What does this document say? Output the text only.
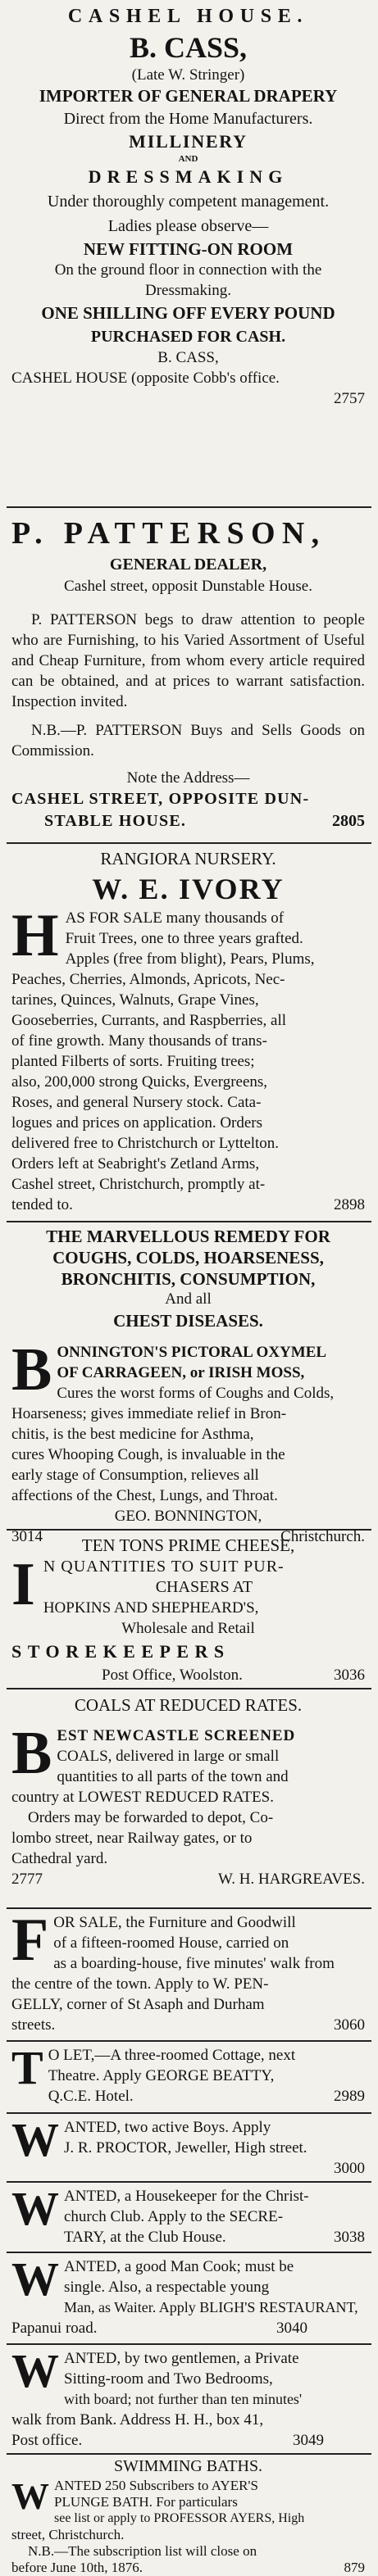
CASHEL HOUSE.
B. CASS,
(Late W. Stringer)
IMPORTER OF GENERAL DRAPERY
Direct from the Home Manufacturers.
MILLINERY
AND
DRESSMAKING
Under thoroughly competent management.
Ladies please observe—
NEW FITTING-ON ROOM
On the ground floor in connection with the
Dressmaking.
ONE SHILLING OFF EVERY POUND
PURCHASED FOR CASH.
B. CASS,
CASHEL HOUSE (opposite Cobb's office.
2757
P. PATTERSON,
GENERAL DEALER,
Cashel street, opposit Dunstable House.
P. PATTERSON begs to draw attention to people who are Furnishing, to his Varied Assortment of Useful and Cheap Furniture, from whom every article required can be obtained, and at prices to warrant satisfaction. Inspection invited.
N.B.—P. PATTERSON Buys and Sells Goods on Commission.
Note the Address—
CASHEL STREET, OPPOSITE DUN-
STABLE HOUSE.	2805
RANGIORA NURSERY.
W. E. IVORY
H AS FOR SALE many thousands of
Fruit Trees, one to three years grafted.
Apples (free from blight), Pears, Plums,
Peaches, Cherries, Almonds, Apricots, Nec-
tarines, Quinces, Walnuts, Grape Vines,
Gooseberries, Currants, and Raspberries, all
of fine growth. Many thousands of trans-
planted Filberts of sorts. Fruiting trees;
also, 200,000 strong Quicks, Evergreens,
Roses, and general Nursery stock. Cata-
logues and prices on application. Orders
delivered free to Christchurch or Lyttelton.
Orders left at Seabright's Zetland Arms,
Cashel street, Christchurch, promptly at-
tended to.	2898
THE MARVELLOUS REMEDY FOR
COUGHS, COLDS, HOARSENESS,
BRONCHITIS, CONSUMPTION,
And all
CHEST DISEASES.
B ONNINGTON'S PICTORAL OXYMEL
OF CARRAGEEN, or IRISH MOSS,
Cures the worst forms of Coughs and Colds,
Hoarseness; gives immediate relief in Bron-
chitis, is the best medicine for Asthma,
cures Whooping Cough, is invaluable in the
early stage of Consumption, relieves all
affections of the Chest, Lungs, and Throat.
GEO. BONNINGTON,
3014	Christchurch.
TEN TONS PRIME CHEESE,
I N QUANTITIES TO SUIT PUR-
CHASERS AT
HOPKINS AND SHEPHEARD'S,
Wholesale and Retail
STOREKEEPERS
Post Office, Woolston.	3036
COALS AT REDUCED RATES.
B EST NEWCASTLE SCREENED
COALS, delivered in large or small
quantities to all parts of the town and
country at LOWEST REDUCED RATES.
Orders may be forwarded to depot, Co-
lombo street, near Railway gates, or to
Cathedral yard.
2777	W. H. HARGREAVES.
F OR SALE, the Furniture and Goodwill
of a fifteen-roomed House, carried on
as a boarding-house, five minutes' walk from
the centre of the town. Apply to W. PEN-
GELLY, corner of St Asaph and Durham
streets.	3060
T O LET,—A three-roomed Cottage, next
Theatre. Apply GEORGE BEATTY,
Q.C.E. Hotel.	2989
W ANTED, two active Boys. Apply
J. R. PROCTOR, Jeweller, High street.
3000
W ANTED, a Housekeeper for the Christ-
church Club. Apply to the SECRE-
TARY, at the Club House.	3038
W ANTED, a good Man Cook; must be
single. Also, a respectable young
Man, as Waiter. Apply BLIGH'S RESTAURANT,
Papanui road.	3040
W ANTED, by two gentlemen, a Private
Sitting-room and Two Bedrooms,
with board; not further than ten minutes'
walk from Bank. Address H. H., box 41,
Post office.	3049
SWIMMING BATHS.
W ANTED 250 Subscribers to AYER'S
PLUNGE BATH. For particulars
see list or apply to PROFESSOR AYERS, High
street, Christchurch.
N.B.—The subscription list will close on
before June 10th, 1876.	879
